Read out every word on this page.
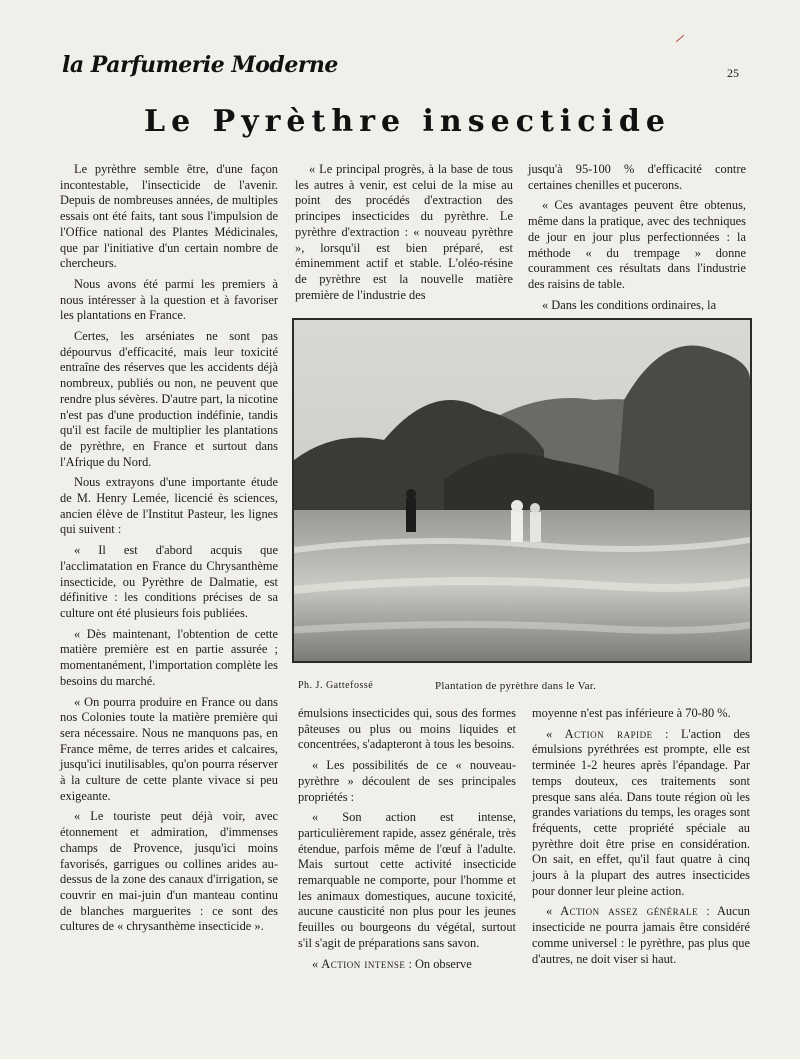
la Parfumerie Moderne	25
Le Pyrèthre insecticide

Le pyrèthre semble être, d'une façon incontestable, l'insecticide de l'avenir. Depuis de nombreuses années, de multiples essais ont été faits, tant sous l'impulsion de l'Office national des Plantes Médicinales, que par l'initiative d'un certain nombre de chercheurs.

Nous avons été parmi les premiers à nous intéresser à la question et à favoriser les plantations en France.

Certes, les arséniates ne sont pas dépourvus d'efficacité, mais leur toxicité entraîne des réserves que les accidents déjà nombreux, publiés ou non, ne peuvent que rendre plus sévères. D'autre part, la nicotine n'est pas d'une production indéfinie, tandis qu'il est facile de multiplier les plantations de pyrèthre, en France et surtout dans l'Afrique du Nord.

Nous extrayons d'une importante étude de M. Henry Lemée, licencié ès sciences, ancien élève de l'Institut Pasteur, les lignes qui suivent :

« Il est d'abord acquis que l'acclimatation en France du Chrysanthème insecticide, ou Pyrèthre de Dalmatie, est définitive : les conditions précises de sa culture ont été plusieurs fois publiées.

« Dès maintenant, l'obtention de cette matière première est en partie assurée ; momentanément, l'importation complète les besoins du marché.

« On pourra produire en France ou dans nos Colonies toute la matière première qui sera nécessaire. Nous ne manquons pas, en France même, de terres arides et calcaires, jusqu'ici inutilisables, qu'on pourra réserver à la culture de cette plante vivace si peu exigeante.

« Le touriste peut déjà voir, avec étonnement et admiration, d'immenses champs de Provence, jusqu'ici moins favorisés, garrigues ou collines arides au-dessus de la zone des canaux d'irrigation, se couvrir en mai-juin d'un manteau continu de blanches marguerites : ce sont des cultures de « chrysanthème insecticide ».

« Le principal progrès, à la base de tous les autres à venir, est celui de la mise au point des procédés d'extraction des principes insecticides du pyrèthre. Le pyrèthre d'extraction : « nouveau pyrèthre », lorsqu'il est bien préparé, est éminemment actif et stable. L'oléo-résine de pyrèthre est la nouvelle matière première de l'industrie des

jusqu'à 95-100 % d'efficacité contre certaines chenilles et pucerons.

« Ces avantages peuvent être obtenus, même dans la pratique, avec des techniques de jour en jour plus perfectionnées : la méthode « du trempage » donne couramment ces résultats dans l'industrie des raisins de table.

« Dans les conditions ordinaires, la

Ph. J. Gattefossé	Plantation de pyrèthre dans le Var.

émulsions insecticides qui, sous des formes pâteuses ou plus ou moins liquides et concentrées, s'adapteront à tous les besoins.

« Les possibilités de ce « nouveau-pyrèthre » découlent de ses principales propriétés :

« Son action est intense, particulièrement rapide, assez générale, très étendue, parfois même de l'œuf à l'adulte. Mais surtout cette activité insecticide remarquable ne comporte, pour l'homme et les animaux domestiques, aucune toxicité, aucune causticité non plus pour les jeunes feuilles ou bourgeons du végétal, surtout s'il s'agit de préparations sans savon.

« Action intense : On observe

moyenne n'est pas inférieure à 70-80 %.

« Action rapide : L'action des émulsions pyréthrées est prompte, elle est terminée 1-2 heures après l'épandage. Par temps douteux, ces traitements sont presque sans aléa. Dans toute région où les grandes variations du temps, les orages sont fréquents, cette propriété spéciale au pyrèthre doit être prise en considération. On sait, en effet, qu'il faut quatre à cinq jours à la plupart des autres insecticides pour donner leur pleine action.

« Action assez générale : Aucun insecticide ne pourra jamais être considéré comme universel : le pyrèthre, pas plus que d'autres, ne doit viser si haut.
